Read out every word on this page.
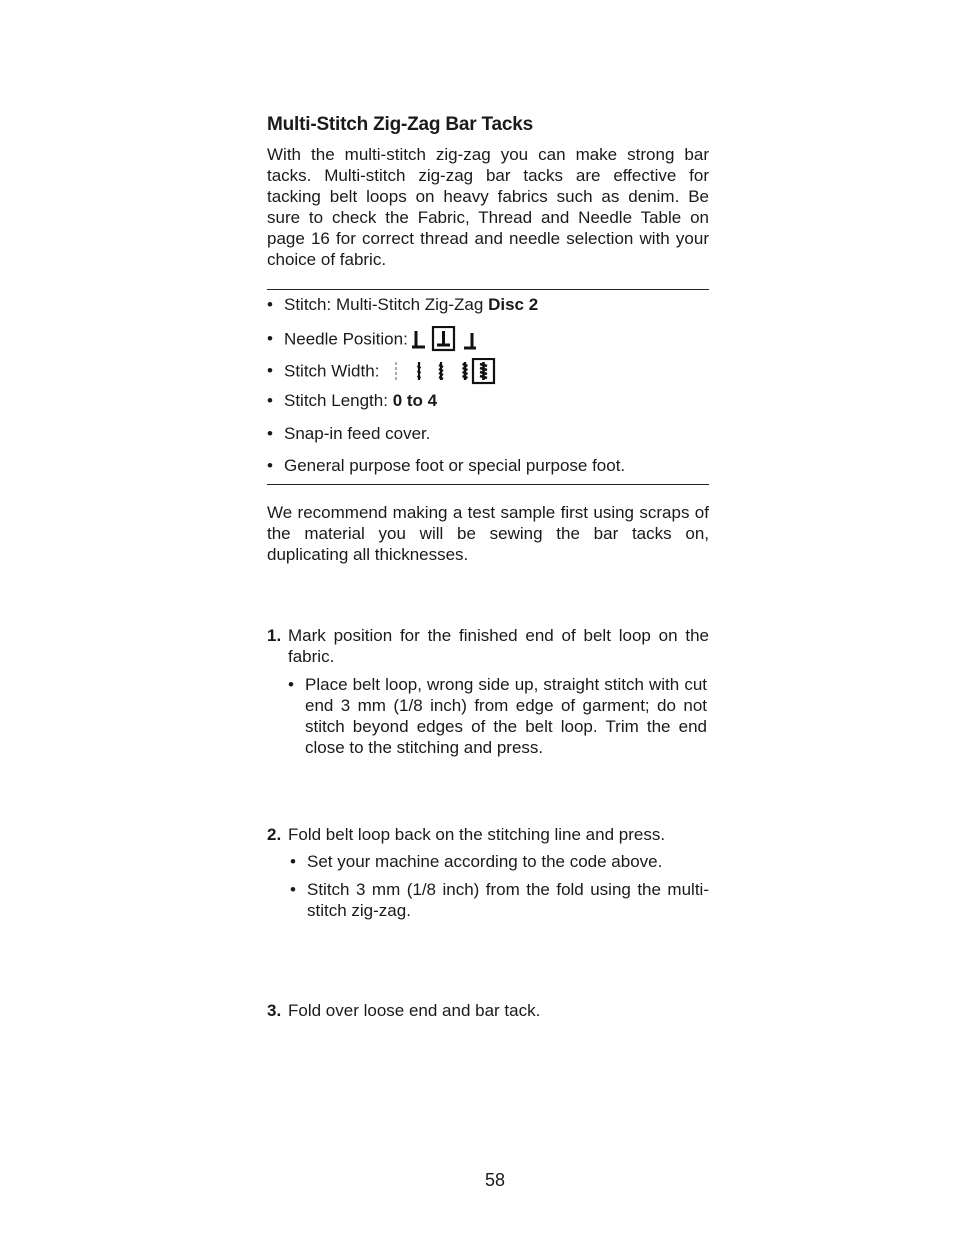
Multi-Stitch Zig-Zag Bar Tacks
With the multi-stitch zig-zag you can make strong bar tacks. Multi-stitch zig-zag bar tacks are effective for tacking belt loops on heavy fabrics such as denim. Be sure to check the Fabric, Thread and Needle Table on page 16 for correct thread and needle selection with your choice of fabric.
• Stitch: Multi-Stitch Zig-Zag Disc 2
• Needle Position:
• Stitch Width:
• Stitch Length: 0 to 4
• Snap-in feed cover.
• General purpose foot or special purpose foot.
We recommend making a test sample first using scraps of the material you will be sewing the bar tacks on, duplicating all thicknesses.
1. Mark position for the finished end of belt loop on the fabric.
• Place belt loop, wrong side up, straight stitch with cut end 3 mm (1/8 inch) from edge of garment; do not stitch beyond edges of the belt loop. Trim the end close to the stitching and press.
2. Fold belt loop back on the stitching line and press.
• Set your machine according to the code above.
• Stitch 3 mm (1/8 inch) from the fold using the multi-stitch zig-zag.
3. Fold over loose end and bar tack.
58
